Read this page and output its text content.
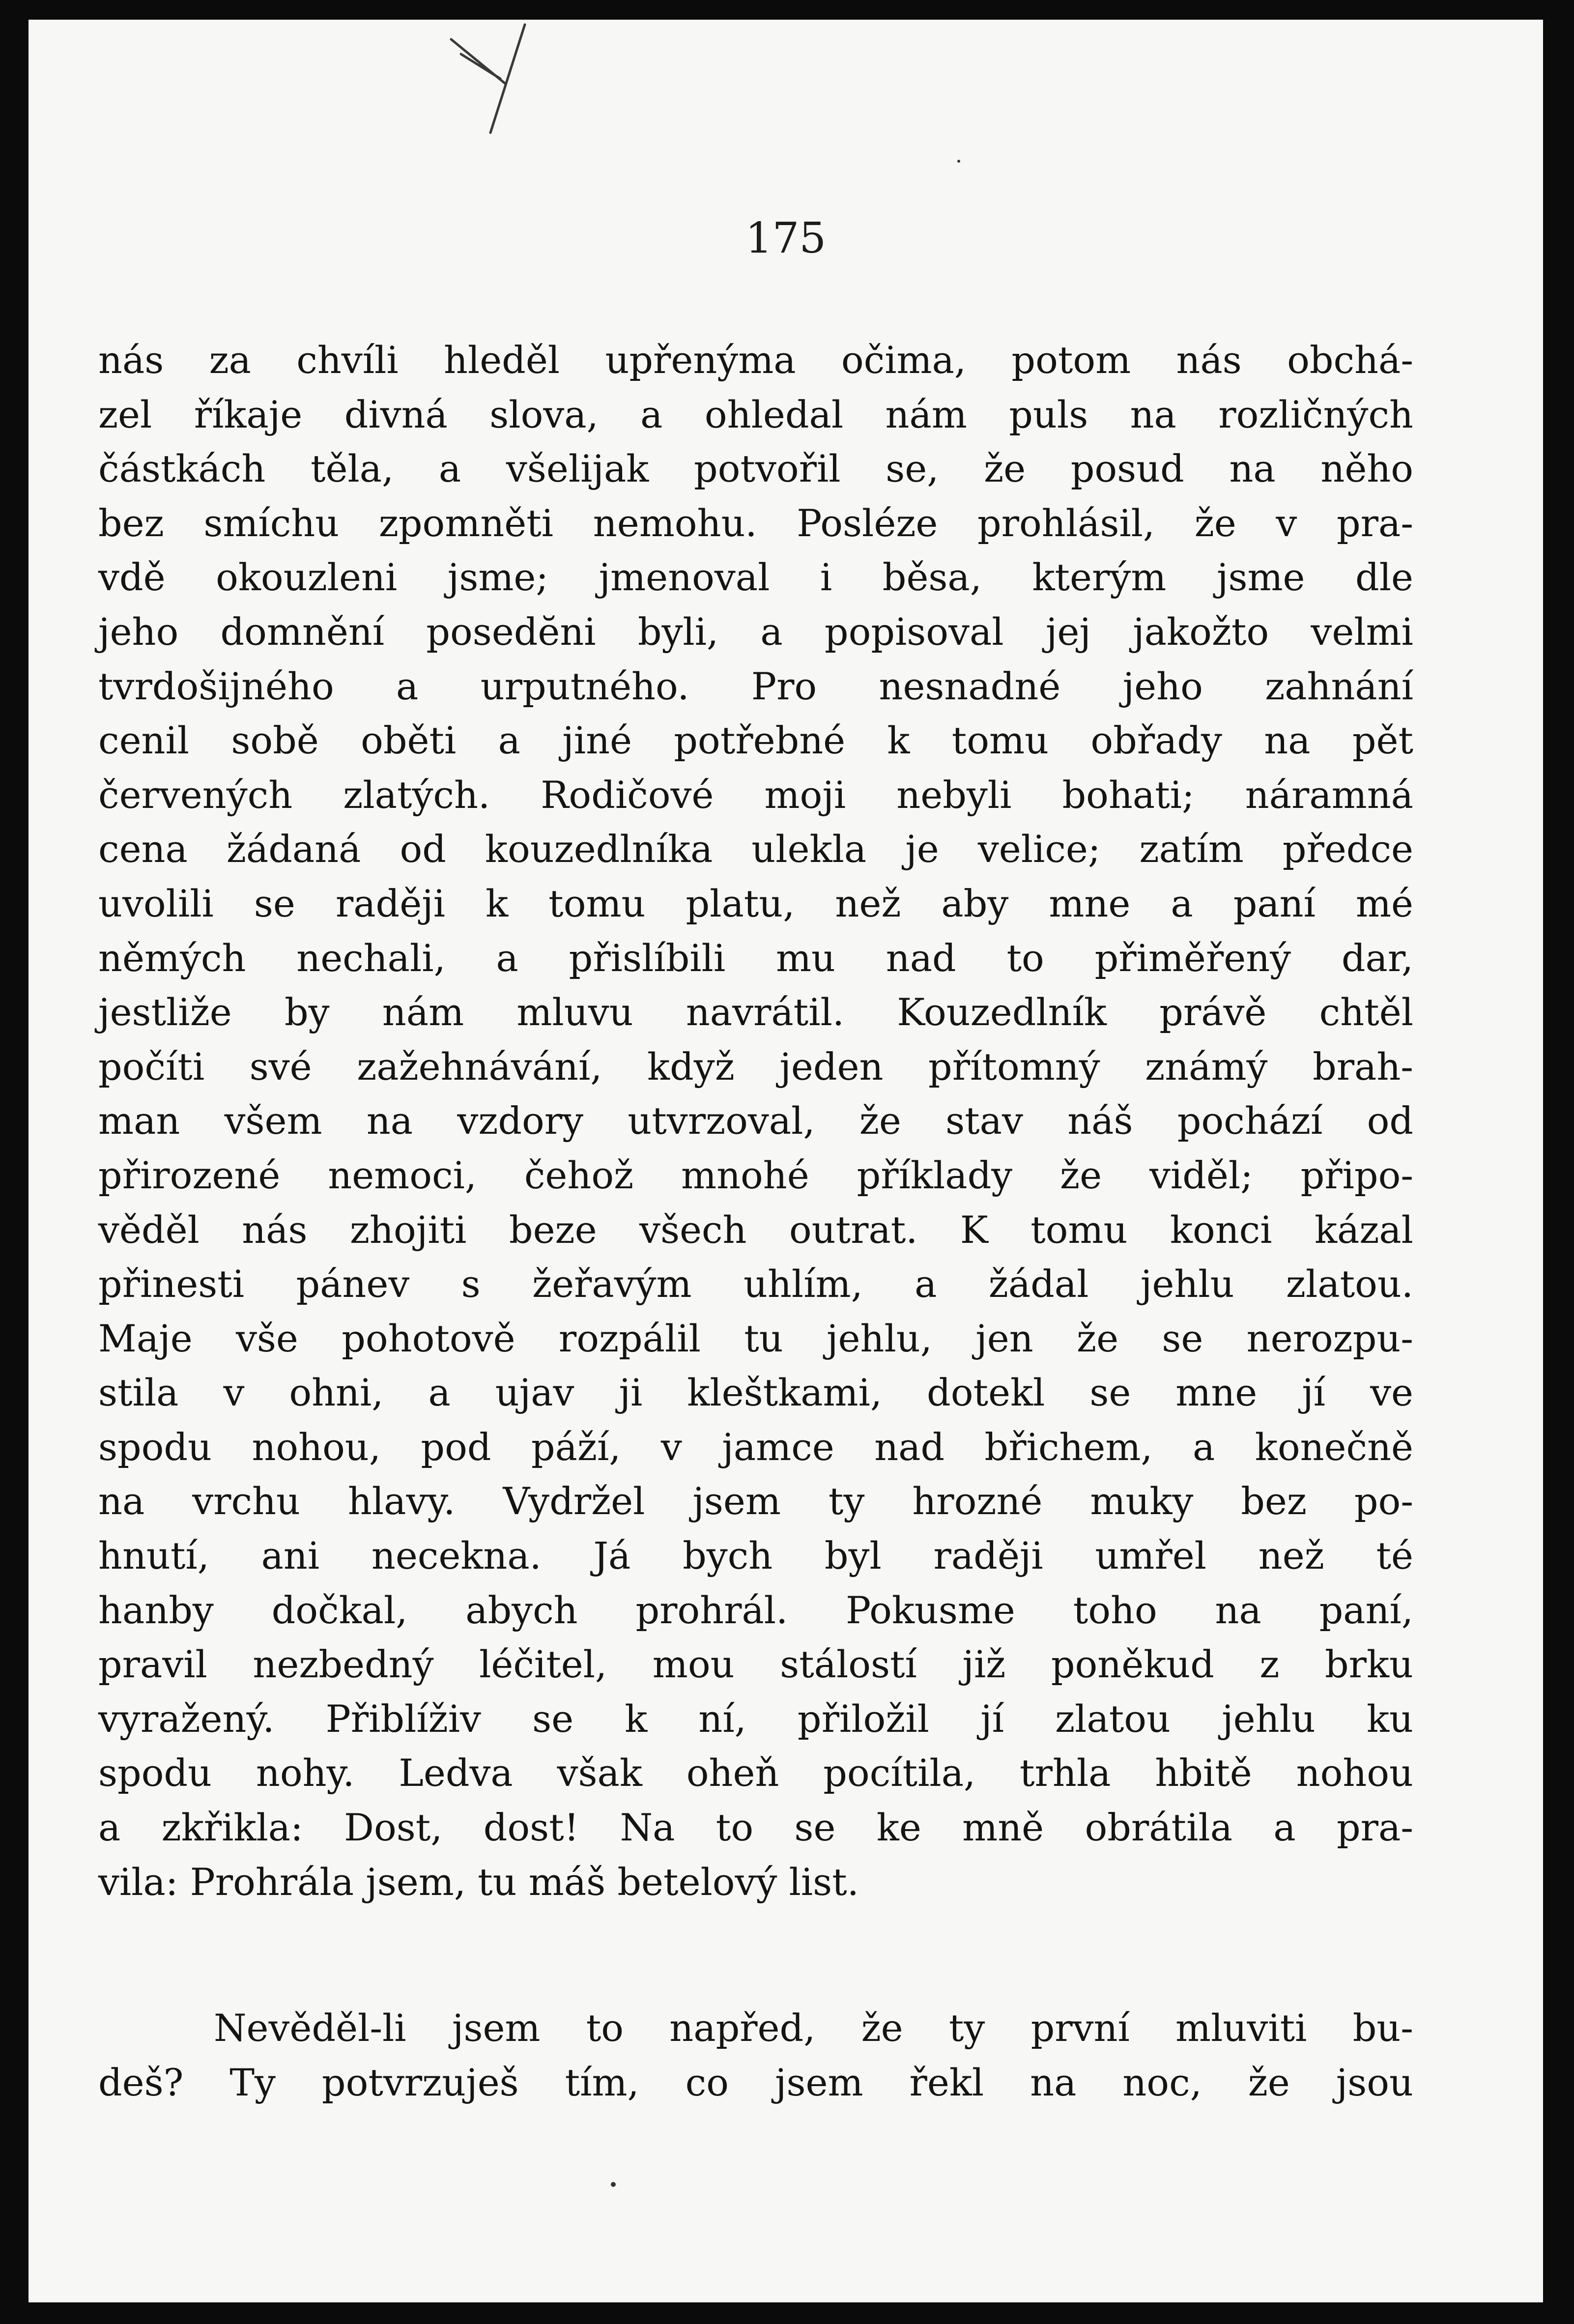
175
nás za chvíli hleděl upřenýma očima, potom nás obchá-
zel říkaje divná slova, a ohledal nám puls na rozličných
částkách těla, a všelijak potvořil se, že posud na něho
bez smíchu zpomněti nemohu. Posléze prohlásil, že v pra-
vdě okouzleni jsme; jmenoval i běsa, kterým jsme dle
jeho domnění posedĕni byli, a popisoval jej jakožto velmi
tvrdošijného a urputného. Pro nesnadné jeho zahnání
cenil sobě oběti a jiné potřebné k tomu obřady na pět
červených zlatých. Rodičové moji nebyli bohati; náramná
cena žádaná od kouzedlníka ulekla je velice; zatím předce
uvolili se raději k tomu platu, než aby mne a paní mé
němých nechali, a přislíbili mu nad to přiměřený dar,
jestliže by nám mluvu navrátil. Kouzedlník právě chtěl
počíti své zažehnávání, když jeden přítomný známý brah-
man všem na vzdory utvrzoval, že stav náš pochází od
přirozené nemoci, čehož mnohé příklady že viděl; připo-
věděl nás zhojiti beze všech outrat. K tomu konci kázal
přinesti pánev s žeřavým uhlím, a žádal jehlu zlatou.
Maje vše pohotově rozpálil tu jehlu, jen že se nerozpu-
stila v ohni, a ujav ji kleštkami, dotekl se mne jí ve
spodu nohou, pod páží, v jamce nad břichem, a konečně
na vrchu hlavy. Vydržel jsem ty hrozné muky bez po-
hnutí, ani necekna. Já bych byl raději umřel než té
hanby dočkal, abych prohrál. Pokusme toho na paní,
pravil nezbedný léčitel, mou stálostí již poněkud z brku
vyražený. Přiblíživ se k ní, přiložil jí zlatou jehlu ku
spodu nohy. Ledva však oheň pocítila, trhla hbitě nohou
a zkřikla: Dost, dost! Na to se ke mně obrátila a pra-
vila: Prohrála jsem, tu máš betelový list.
Nevěděl-li jsem to napřed, že ty první mluviti bu-
deš? Ty potvrzuješ tím, co jsem řekl na noc, že jsou
